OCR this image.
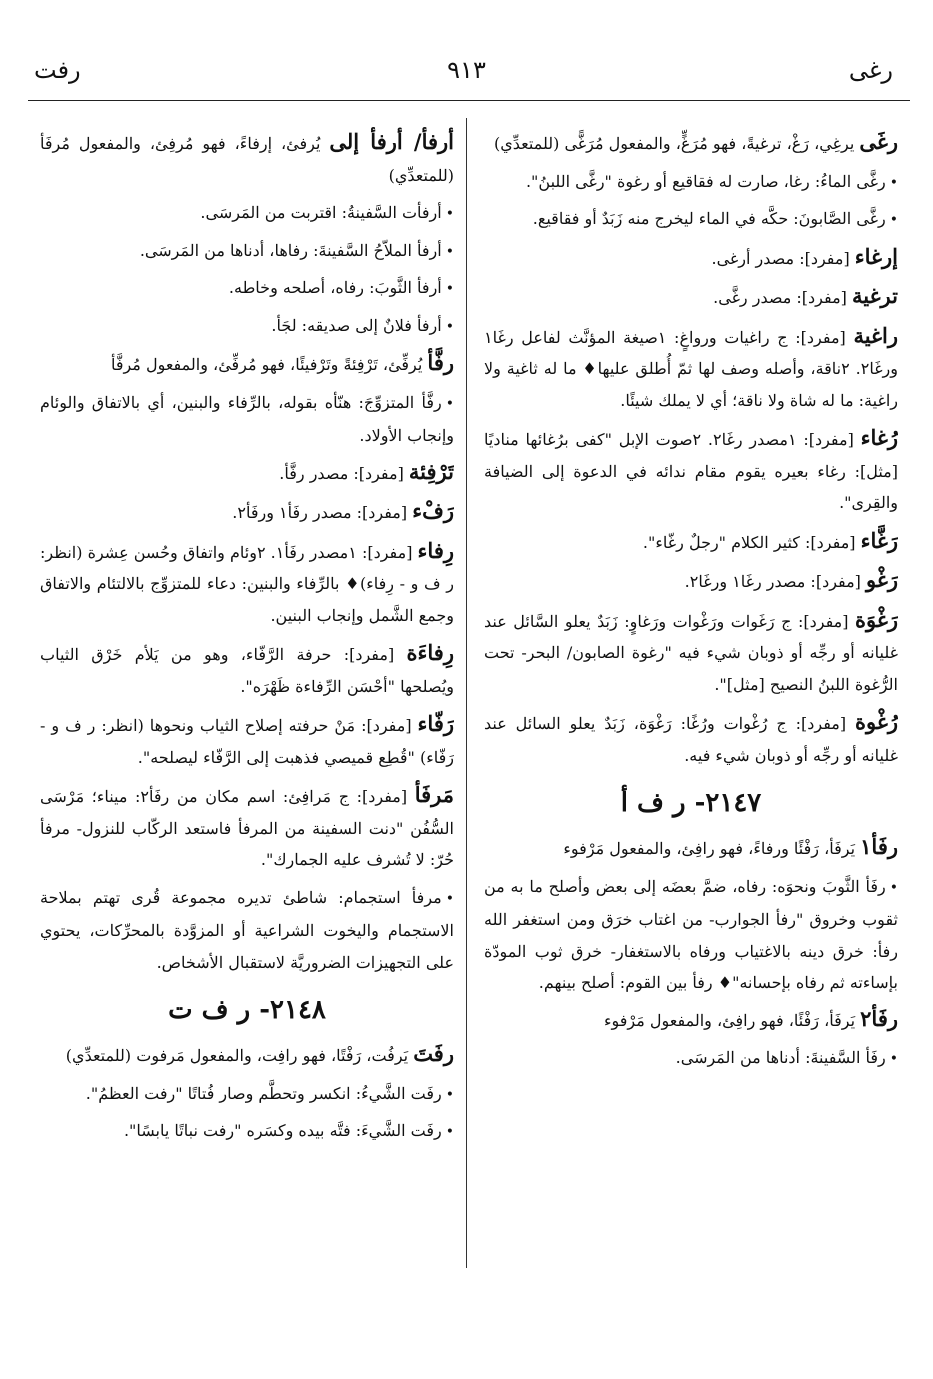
رغى
٩١٣
رفت

رغَى يرغِي، رَغْ، ترغيةً، فهو مُرَغٍّ، والمفعول مُرَغًّى (للمتعدِّي)

•رغَّى الماءُ: رغا، صارت له فقاقيع أو رغوة "رغَّى اللبنُ".

•رغَّى الصَّابونَ: حكَّه في الماء ليخرج منه زَبَدٌ أو فقاقيع.

إرغاء [مفرد]: مصدر أرغى.

ترغية [مفرد]: مصدر رغَّى.

راغية [مفرد]: ج راغيات ورواغٍ: ١صيغة المؤنَّث لفاعل رغَا١ ورغَا٢. ٢ناقة، وأصله وصف لها ثمّ أُطلق عليها♦ ما له ثاغية ولا راغية: ما له شاة ولا ناقة؛ أي لا يملك شيئًا.

رُغاء [مفرد]: ١مصدر رغَا٢. ٢صوت الإبل "كفى برُغائها مناديًا [مثل]: رغاء بعيره يقوم مقام ندائه في الدعوة إلى الضيافة والقِرى".

رَغَّاء [مفرد]: كثير الكلام "رجلٌ رغّاء".

رَغْو [مفرد]: مصدر رغَا١ ورغَا٢.

رَغْوَة [مفرد]: ج رَغَوات ورَغْوات ورَغاوٍ: زَبَدٌ يعلو السَّائل عند غليانه أو رجِّه أو ذوبان شيء فيه "رغوة الصابون/ البحر- تحت الرُّغوة اللبنُ النصيح [مثل]".

رُغْوة [مفرد]: ج رُغْوات ورُغًا: رَغْوَة، زَبَدٌ يعلو السائل عند غليانه أو رجِّه أو ذوبان شيء فيه.

٢١٤٧- ر ف أ

رفَأ١ يَرفَأ، رَفْئًا ورفاءً، فهو رافِئ، والمفعول مَرْفوء

•رفَأ الثَّوبَ ونحوَه: رفاه، ضمَّ بعضَه إلى بعض وأصلح ما به من ثقوب وخروق "رفأ الجوارب- من اغتاب خرَق ومن استغفر الله رفأ: خرق دينه بالاغتياب ورفاه بالاستغفار- خرق ثوب المودّة بإساءته ثم رفاه بإحسانه"♦ رفأ بين القوم: أصلح بينهم.

رفَأ٢ يَرفَأ، رَفْئًا، فهو رافِئ، والمفعول مَرْفوء

•رفَأ السَّفينةَ: أدناها من المَرسَى.

أرفأ/ أرفأ إلى يُرفئ، إرفاءً، فهو مُرفِئ، والمفعول مُرفَأ (للمتعدِّي)

•أرفأت السَّفينةُ: اقتربت من المَرسَى.

•أرفأ الملاّحُ السَّفينةَ: رفاها، أدناها من المَرسَى.

•أرفأ الثَّوبَ: رفاه، أصلحه وخاطه.

•أرفأ فلانٌ إلى صديقه: لجَأ.

رفَّأ يُرفِّئ، تَرْفِئةً وتَرْفيئًا، فهو مُرفِّئ، والمفعول مُرفَّأ

•رفَّأ المتزوِّجَ: هنّأه بقوله، بالرِّفاء والبنين، أي بالاتفاق والوئام وإنجاب الأولاد.

تَرْفِئة [مفرد]: مصدر رفَّأ.

رَفْء [مفرد]: مصدر رفَأ١ ورفَأ٢.

رِفاء [مفرد]: ١مصدر رفَأ١. ٢وئام واتفاق وحُسن عِشرة (انظر: ر ف و - رِفاء)♦ بالرِّفاء والبنين: دعاء للمتزوِّج بالالتئام والاتفاق وجمع الشَّمل وإنجاب البنين.

رِفاءَة [مفرد]: حرفة الرَّفّاء، وهو من يَلأم خَرْق الثياب ويُصلحها "أحْسَن الرِّفاءة ظَهْرَه".

رَفّاء [مفرد]: مَنْ حرفته إصلاح الثياب ونحوها (انظر: ر ف و - رَفّاء) "قُطِع قميصي فذهبت إلى الرَّفّاء ليصلحه".

مَرفَأ [مفرد]: ج مَرافِئ: اسم مكان من رفَأ٢: ميناء؛ مَرْسَى السُّفُن "دنت السفينة من المرفأ فاستعد الركّاب للنزول- مرفأ حُرّ: لا تُشرف عليه الجمارك".

•مرفأ استجمام: شاطئ تديره مجموعة قُرى تهتم بملاحة الاستجمام واليخوت الشراعية أو المزوَّدة بالمحرِّكات، يحتوي على التجهيزات الضروريَّة لاستقبال الأشخاص.

٢١٤٨- ر ف ت

رفَتَ يَرفُت، رَفْتًا، فهو رافِت، والمفعول مَرفوت (للمتعدِّي)

•رفَت الشَّيءُ: انكسر وتحطَّم وصار فُتاتًا "رفت العظمُ".

•رفَت الشَّيءَ: فتَّه بيده وكسَره "رفت نباتًا يابسًا".
